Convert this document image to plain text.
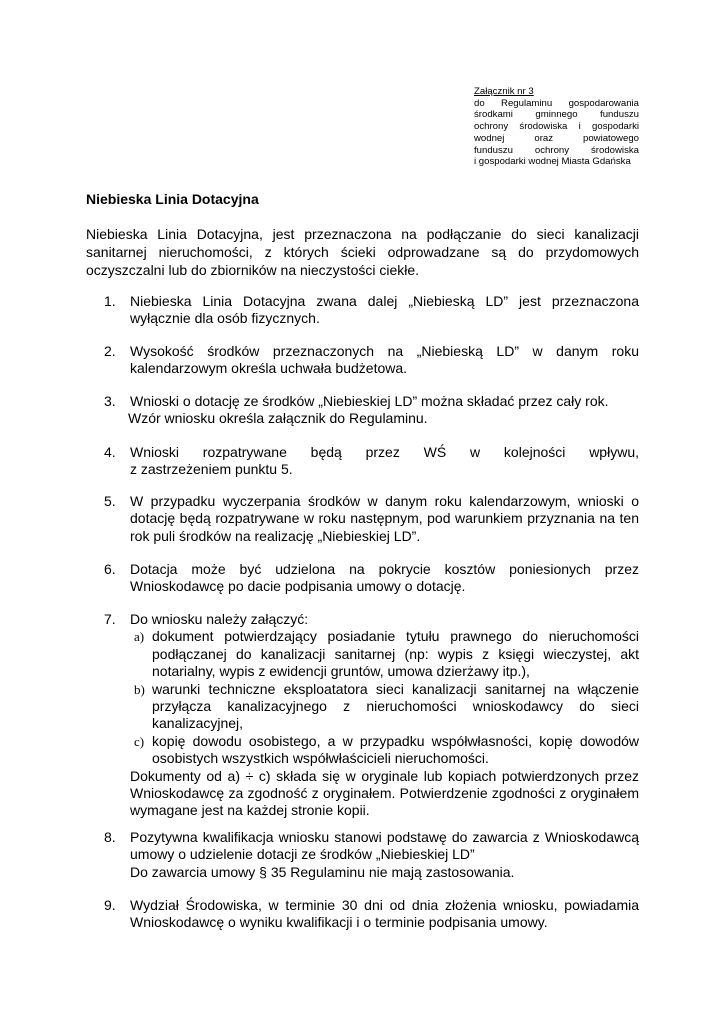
Załącznik nr 3
do Regulaminu gospodarowania
środkami gminnego funduszu
ochrony środowiska i gospodarki
wodnej oraz powiatowego
funduszu ochrony środowiska
i gospodarki wodnej Miasta Gdańska
Niebieska Linia Dotacyjna
Niebieska Linia Dotacyjna, jest przeznaczona na podłączanie do sieci kanalizacji sanitarnej nieruchomości, z których ścieki odprowadzane są do przydomowych oczyszczalni lub do zbiorników na nieczystości ciekłe.
1.	Niebieska Linia Dotacyjna zwana dalej „Niebieską LD” jest przeznaczona wyłącznie dla osób fizycznych.
2.	Wysokość środków przeznaczonych na „Niebieską LD” w danym roku kalendarzowym określa uchwała budżetowa.
3.	Wnioski o dotację ze środków „Niebieskiej LD” można składać przez cały rok.
Wzór wniosku określa załącznik do Regulaminu.
4.	Wnioski rozpatrywane będą przez WŚ w kolejności wpływu,
z zastrzeżeniem punktu 5.
5.	W przypadku wyczerpania środków w danym roku kalendarzowym, wnioski o dotację będą rozpatrywane w roku następnym, pod warunkiem przyznania na ten rok puli środków na realizację „Niebieskiej LD”.
6.	Dotacja może być udzielona na pokrycie kosztów poniesionych przez Wnioskodawcę po dacie podpisania umowy o dotację.
7.	Do wniosku należy załączyć:
a) dokument potwierdzający posiadanie tytułu prawnego do nieruchomości podłączanej do kanalizacji sanitarnej (np: wypis z księgi wieczystej, akt notarialny, wypis z ewidencji gruntów, umowa dzierżawy itp.),
b) warunki techniczne eksploatatora sieci kanalizacji sanitarnej na włączenie przyłącza kanalizacyjnego z nieruchomości wnioskodawcy do sieci kanalizacyjnej,
c) kopię dowodu osobistego, a w przypadku współwłasności, kopię dowodów osobistych wszystkich współwłaścicieli nieruchomości.
Dokumenty od a) ÷ c) składa się w oryginale lub kopiach potwierdzonych przez Wnioskodawcę za zgodność z oryginałem. Potwierdzenie zgodności z oryginałem wymagane jest na każdej stronie kopii.
8.	Pozytywna kwalifikacja wniosku stanowi podstawę do zawarcia z Wnioskodawcą umowy o udzielenie dotacji ze środków „Niebieskiej LD”
Do zawarcia umowy § 35 Regulaminu nie mają zastosowania.
9.	Wydział Środowiska, w terminie 30 dni od dnia złożenia wniosku, powiadamia Wnioskodawcę o wyniku kwalifikacji i o terminie podpisania umowy.
